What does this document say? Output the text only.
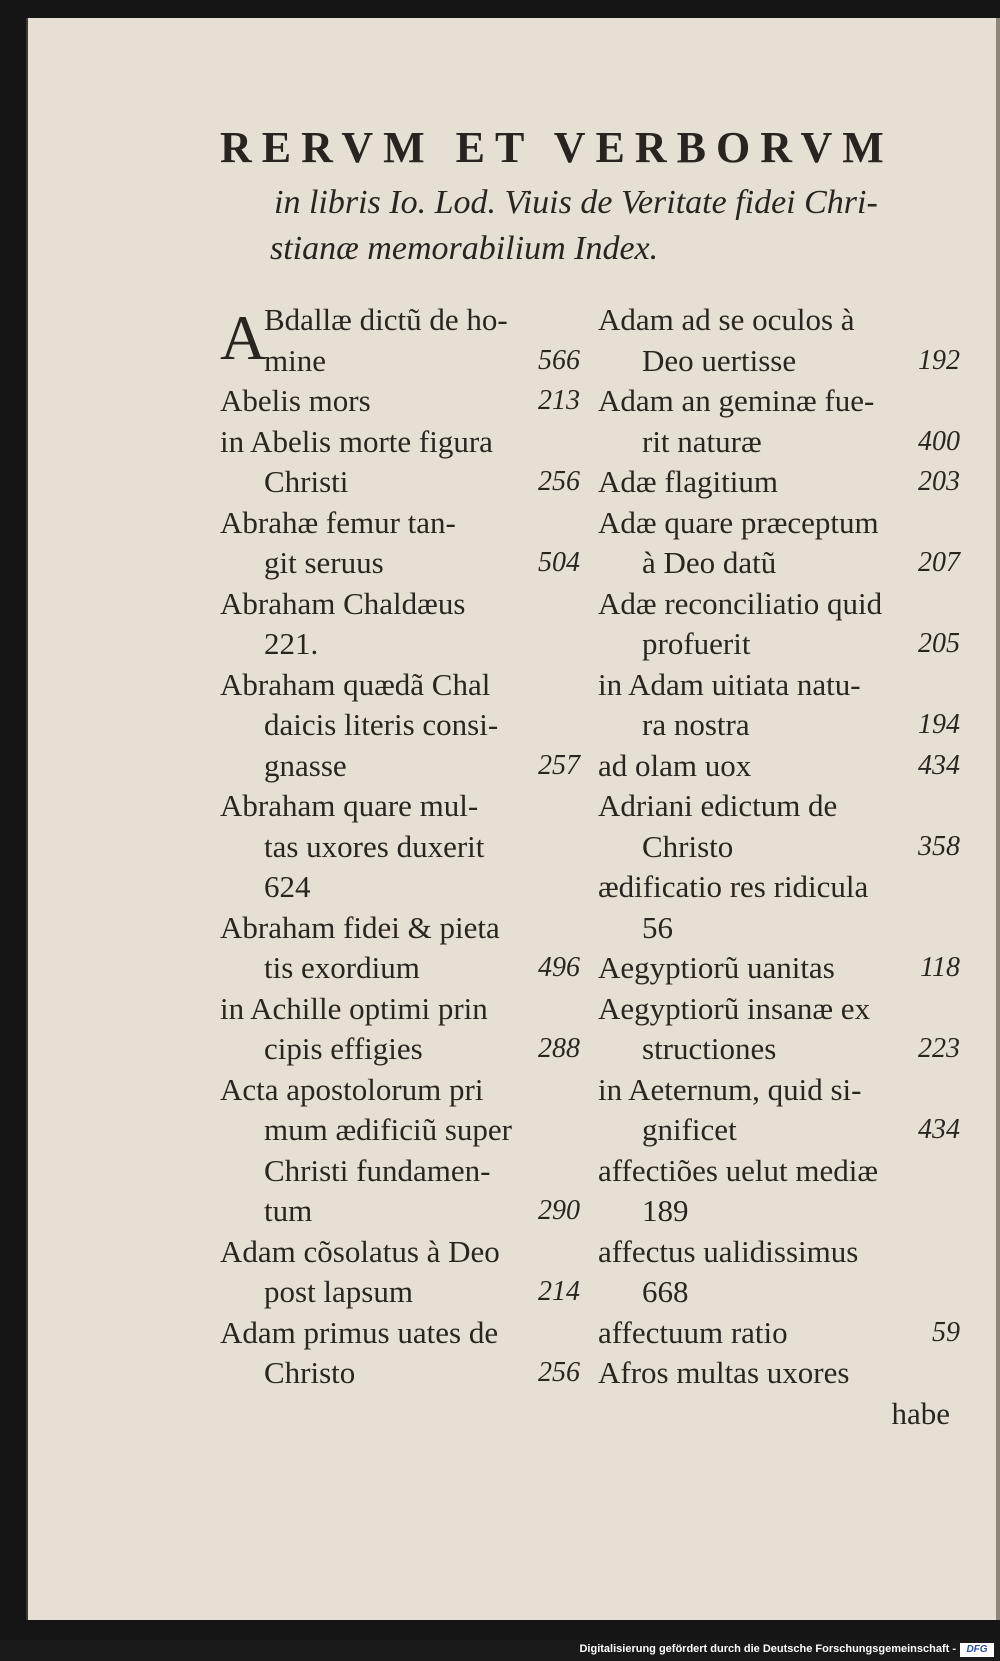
RERVM ET VERBORVM
in libris Io. Lod. Viuis de Veritate fidei Chri-
stianæ memorabilium Index.
A
Bdallæ dictũ de ho-
mine	566
Abelis mors	213
in Abelis morte figura
Christi	256
Abrahæ femur tan-
git seruus	504
Abraham Chaldæus
221.
Abraham quædã Chal
daicis literis consi-
gnasse	257
Abraham quare mul-
tas uxores duxerit
624
Abraham fidei & pieta
tis exordium	496
in Achille optimi prin
cipis effigies	288
Acta apostolorum pri
mum ædificiũ super
Christi fundamen-
tum	290
Adam cõsolatus à Deo
post lapsum	214
Adam primus uates de
Christo	256
Adam ad se oculos à
Deo uertisse	192
Adam an geminæ fue-
rit naturæ	400
Adæ flagitium	203
Adæ quare præceptum
à Deo datũ	207
Adæ reconciliatio quid
profuerit	205
in Adam uitiata natu-
ra nostra	194
ad olam uox	434
Adriani edictum de
Christo	358
ædificatio res ridicula
56
Aegyptiorũ uanitas	118
Aegyptiorũ insanæ ex
structiones	223
in Aeternum, quid si-
gnificet	434
affectiões uelut mediæ
189
affectus ualidissimus
668
affectuum ratio	59
Afros multas uxores
habe
Digitalisierung gefördert durch die Deutsche Forschungsgemeinschaft -	DFG
